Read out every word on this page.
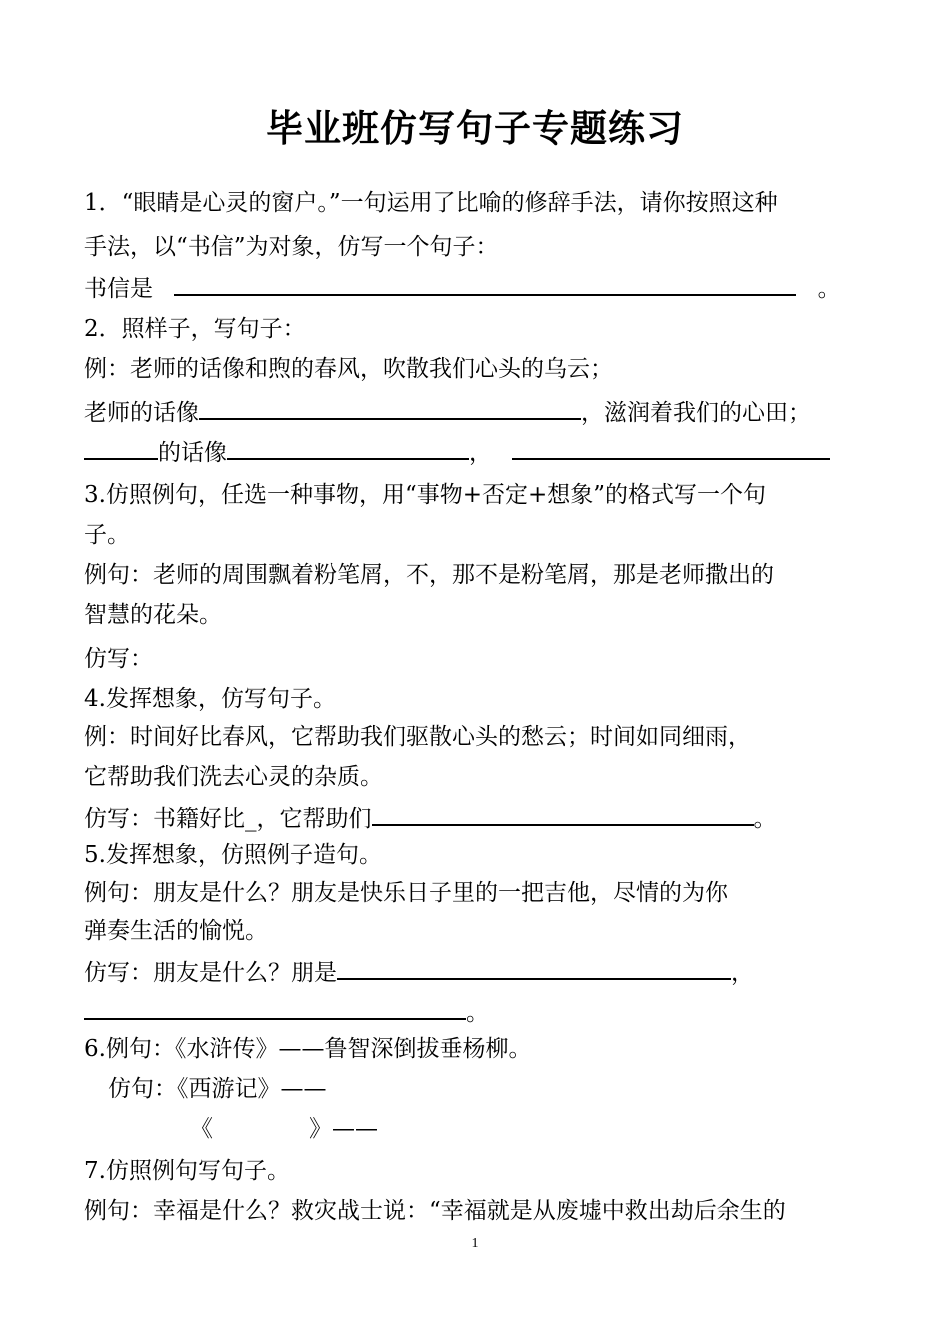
毕业班仿写句子专题练习
1．“眼睛是心灵的窗户。”一句运用了比喻的修辞手法，请你按照这种
手法，以“书信”为对象，仿写一个句子：
书信是	。
2．照样子，写句子：
例：老师的话像和煦的春风，吹散我们心头的乌云；
老师的话像	，滋润着我们的心田；
的话像	，
3.仿照例句，任选一种事物，用“事物+否定+想象”的格式写一个句
子。
例句：老师的周围飘着粉笔屑，不，那不是粉笔屑，那是老师撒出的
智慧的花朵。
仿写：
4.发挥想象，仿写句子。
例：时间好比春风，它帮助我们驱散心头的愁云；时间如同细雨，
它帮助我们洗去心灵的杂质。
仿写：书籍好比_，它帮助们	。
5.发挥想象，仿照例子造句。
例句：朋友是什么？朋友是快乐日子里的一把吉他，尽情的为你
弹奏生活的愉悦。
仿写：朋友是什么？朋是	，
。
6.例句：《水浒传》——鲁智深倒拔垂杨柳。
仿句：《西游记》——
《	》——
7.仿照例句写句子。
例句：幸福是什么？救灾战士说：“幸福就是从废墟中救出劫后余生的
1
